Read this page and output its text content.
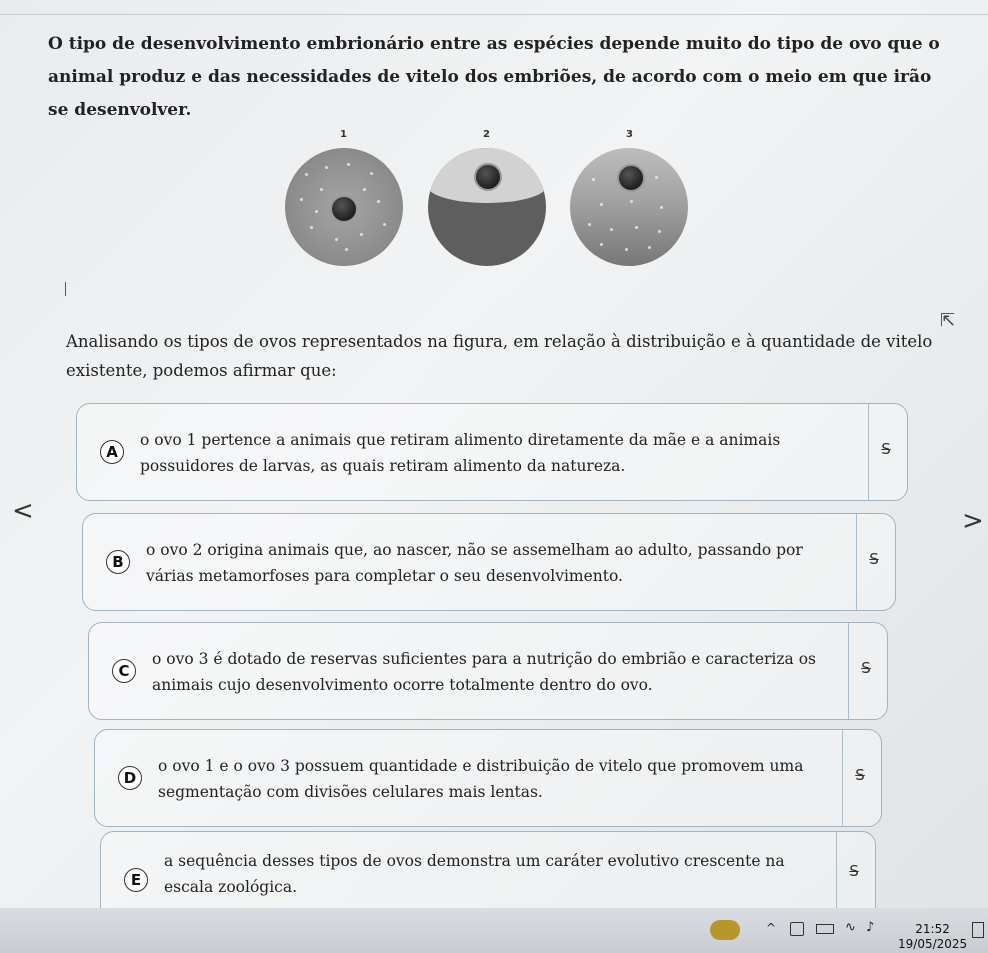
O tipo de desenvolvimento embrionário entre as espécies depende muito do tipo de ovo que o animal produz e das necessidades de vitelo dos embriões, de acordo com o meio em que irão se desenvolver.
1	2	3
⇱
Analisando os tipos de ovos representados na figura, em relação à distribuição e à quantidade de vitelo existente, podemos afirmar que:
<	>
A
o ovo 1 pertence a animais que retiram alimento diretamente da mãe e a animais possuidores de larvas, as quais retiram alimento da natureza.
S
B
o ovo 2 origina animais que, ao nascer, não se assemelham ao adulto, passando por várias metamorfoses para completar o seu desenvolvimento.
S
C
o ovo 3 é dotado de reservas suficientes para a nutrição do embrião e caracteriza os animais cujo desenvolvimento ocorre totalmente dentro do ovo.
S
D
o ovo 1 e o ovo 3 possuem quantidade e distribuição de vitelo que promovem uma segmentação com divisões celulares mais lentas.
S
E
a sequência desses tipos de ovos demonstra um caráter evolutivo crescente na escala zoológica.
S
^	∿ ♪	21:52
19/05/2025
